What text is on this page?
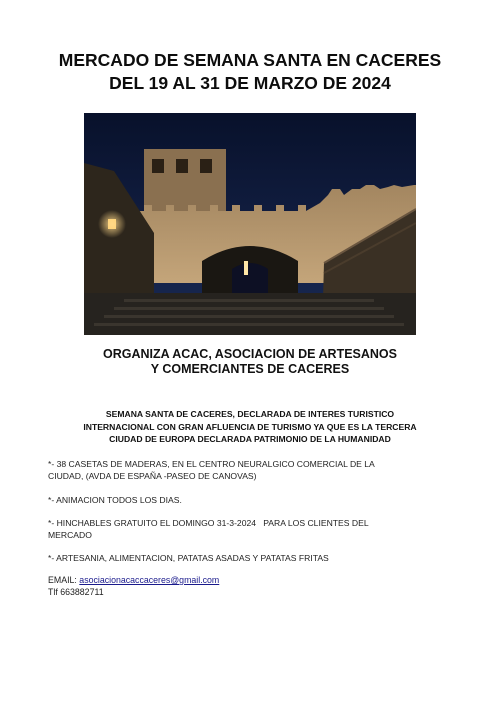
MERCADO DE SEMANA SANTA EN CACERES
DEL 19 AL 31 DE MARZO DE 2024
ORGANIZA ACAC, ASOCIACION DE ARTESANOS
Y COMERCIANTES DE CACERES
SEMANA SANTA DE CACERES, DECLARADA DE INTERES TURISTICO
INTERNACIONAL CON GRAN AFLUENCIA DE TURISMO YA QUE ES LA TERCERA
CIUDAD DE EUROPA DECLARADA PATRIMONIO DE LA HUMANIDAD
*- 38 CASETAS DE MADERAS, EN EL CENTRO NEURALGICO COMERCIAL DE LA
CIUDAD, (AVDA DE ESPAÑA -PASEO DE CANOVAS)
*- ANIMACION TODOS LOS DIAS.
*- HINCHABLES GRATUITO EL DOMINGO 31-3-2024   PARA LOS CLIENTES DEL
MERCADO
*- ARTESANIA, ALIMENTACION, PATATAS ASADAS Y PATATAS FRITAS
EMAIL: asociacionacaccaceres@gmail.com
Tlf 663882711
